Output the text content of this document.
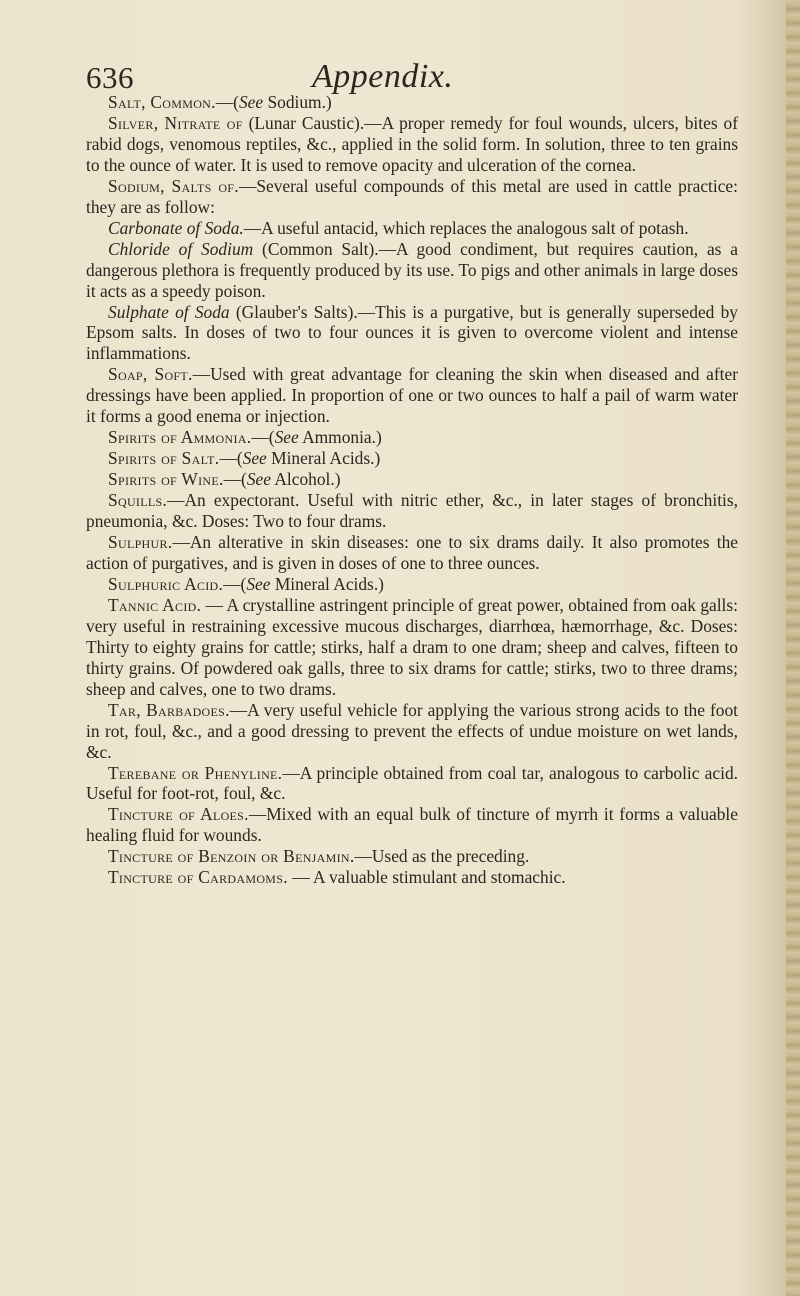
636	Appendix.

Salt, Common.—(See Sodium.)

Silver, Nitrate of (Lunar Caustic).—A proper remedy for foul wounds, ulcers, bites of rabid dogs, venomous reptiles, &c., applied in the solid form. In solution, three to ten grains to the ounce of water. It is used to remove opacity and ulceration of the cornea.

Sodium, Salts of.—Several useful compounds of this metal are used in cattle practice: they are as follow:

Carbonate of Soda.—A useful antacid, which replaces the analogous salt of potash.

Chloride of Sodium (Common Salt).—A good condiment, but requires caution, as a dangerous plethora is frequently produced by its use. To pigs and other animals in large doses it acts as a speedy poison.

Sulphate of Soda (Glauber's Salts).—This is a purgative, but is generally superseded by Epsom salts. In doses of two to four ounces it is given to overcome violent and intense inflammations.

Soap, Soft.—Used with great advantage for cleaning the skin when diseased and after dressings have been applied. In proportion of one or two ounces to half a pail of warm water it forms a good enema or injection.

Spirits of Ammonia.—(See Ammonia.)

Spirits of Salt.—(See Mineral Acids.)

Spirits of Wine.—(See Alcohol.)

Squills.—An expectorant. Useful with nitric ether, &c., in later stages of bronchitis, pneumonia, &c. Doses: Two to four drams.

Sulphur.—An alterative in skin diseases: one to six drams daily. It also promotes the action of purgatives, and is given in doses of one to three ounces.

Sulphuric Acid.—(See Mineral Acids.)

Tannic Acid. — A crystalline astringent principle of great power, obtained from oak galls: very useful in restraining excessive mucous discharges, diarrhœa, hæmorrhage, &c. Doses: Thirty to eighty grains for cattle; stirks, half a dram to one dram; sheep and calves, fifteen to thirty grains. Of powdered oak galls, three to six drams for cattle; stirks, two to three drams; sheep and calves, one to two drams.

Tar, Barbadoes.—A very useful vehicle for applying the various strong acids to the foot in rot, foul, &c., and a good dressing to prevent the effects of undue moisture on wet lands, &c.

Terebane or Phenyline.—A principle obtained from coal tar, analogous to carbolic acid. Useful for foot-rot, foul, &c.

Tincture of Aloes.—Mixed with an equal bulk of tincture of myrrh it forms a valuable healing fluid for wounds.

Tincture of Benzoin or Benjamin.—Used as the preceding.

Tincture of Cardamoms. — A valuable stimulant and stomachic.
